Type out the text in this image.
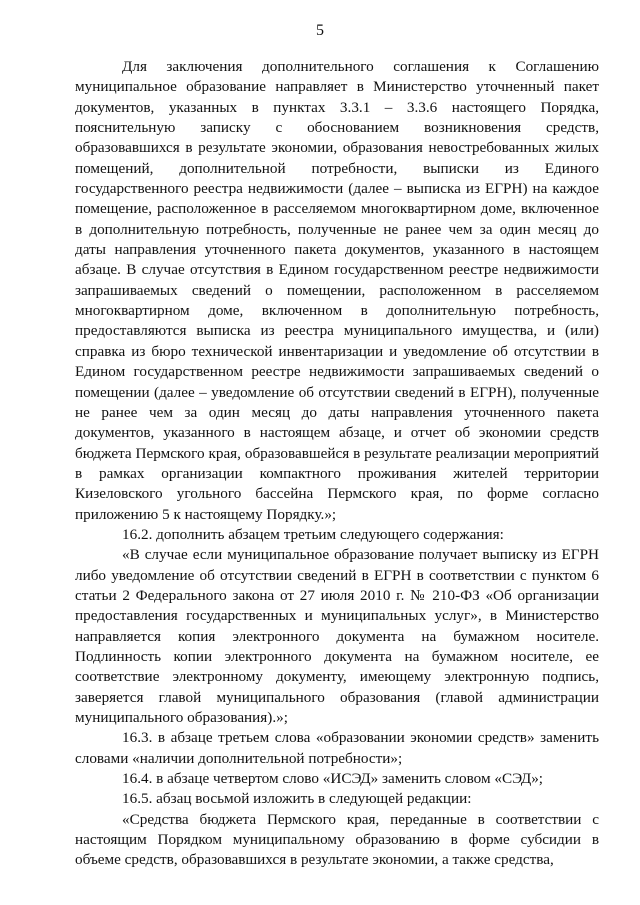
5

Для заключения дополнительного соглашения к Соглашению муниципальное образование направляет в Министерство уточненный пакет документов, указанных в пунктах 3.3.1 – 3.3.6 настоящего Порядка, пояснительную записку с обоснованием возникновения средств, образовавшихся в результате экономии, образования невостребованных жилых помещений, дополнительной потребности, выписки из Единого государственного реестра недвижимости (далее – выписка из ЕГРН) на каждое помещение, расположенное в расселяемом многоквартирном доме, включенное в дополнительную потребность, полученные не ранее чем за один месяц до даты направления уточненного пакета документов, указанного в настоящем абзаце. В случае отсутствия в Едином государственном реестре недвижимости запрашиваемых сведений о помещении, расположенном в расселяемом многоквартирном доме, включенном в дополнительную потребность, предоставляются выписка из реестра муниципального имущества, и (или) справка из бюро технической инвентаризации и уведомление об отсутствии в Едином государственном реестре недвижимости запрашиваемых сведений о помещении (далее – уведомление об отсутствии сведений в ЕГРН), полученные не ранее чем за один месяц до даты направления уточненного пакета документов, указанного в настоящем абзаце, и отчет об экономии средств бюджета Пермского края, образовавшейся в результате реализации мероприятий в рамках организации компактного проживания жителей территории Кизеловского угольного бассейна Пермского края, по форме согласно приложению 5 к настоящему Порядку.»;

16.2. дополнить абзацем третьим следующего содержания:

«В случае если муниципальное образование получает выписку из ЕГРН либо уведомление об отсутствии сведений в ЕГРН в соответствии с пунктом 6 статьи 2 Федерального закона от 27 июля 2010 г. № 210-ФЗ «Об организации предоставления государственных и муниципальных услуг», в Министерство направляется копия электронного документа на бумажном носителе. Подлинность копии электронного документа на бумажном носителе, ее соответствие электронному документу, имеющему электронную подпись, заверяется главой муниципального образования (главой администрации муниципального образования).»;

16.3. в абзаце третьем слова «образовании экономии средств» заменить словами «наличии дополнительной потребности»;

16.4. в абзаце четвертом слово «ИСЭД» заменить словом «СЭД»;

16.5. абзац восьмой изложить в следующей редакции:

«Средства бюджета Пермского края, переданные в соответствии с настоящим Порядком муниципальному образованию в форме субсидии в объеме средств, образовавшихся в результате экономии, а также средства,
